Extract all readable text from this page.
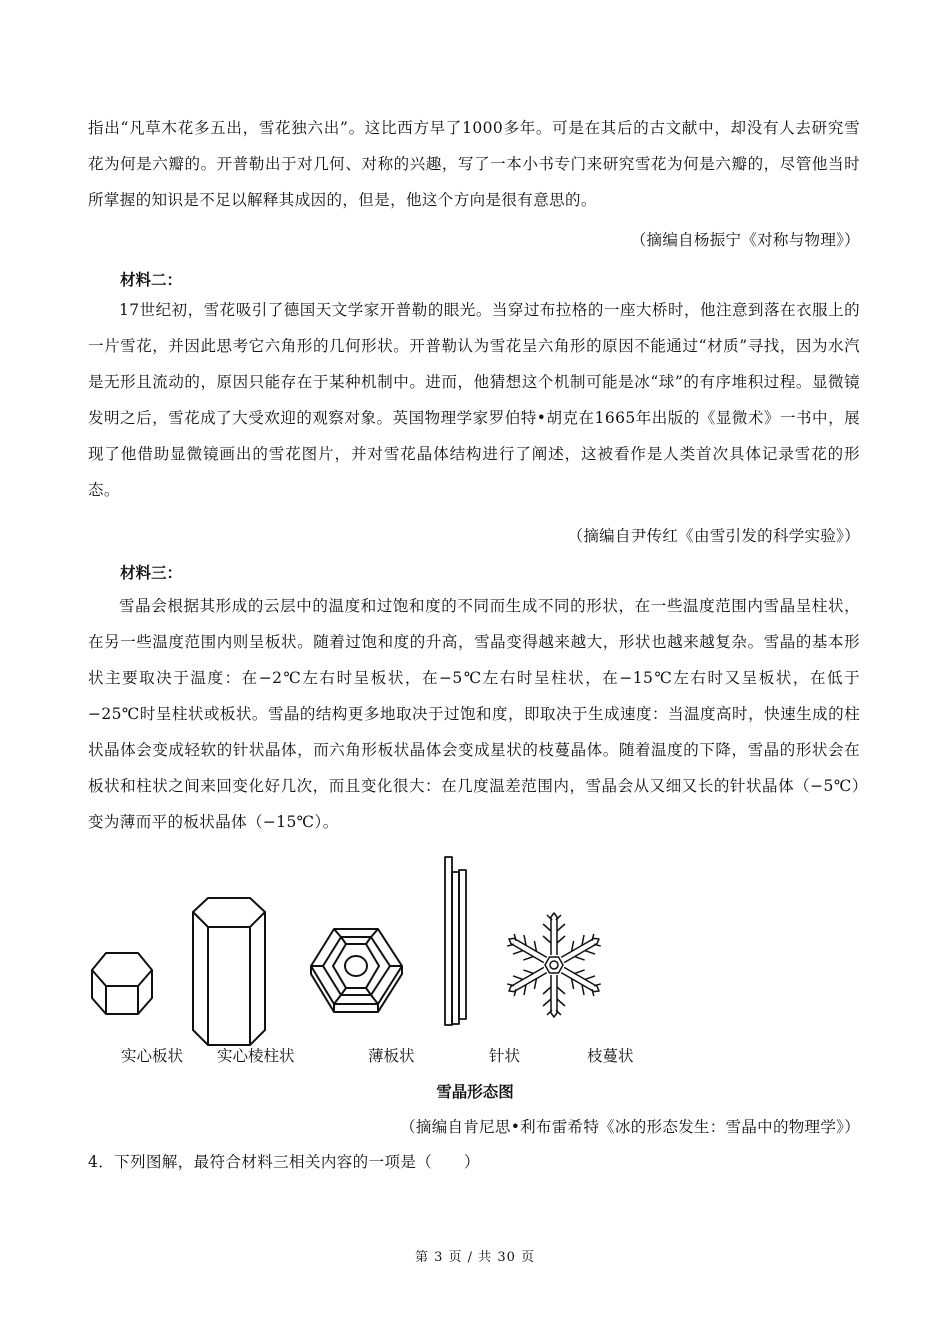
指出“凡草木花多五出，雪花独六出”。这比西方早了1000多年。可是在其后的古文献中，却没有人去研究雪花为何是六瓣的。开普勒出于对几何、对称的兴趣，写了一本小书专门来研究雪花为何是六瓣的，尽管他当时所掌握的知识是不足以解释其成因的，但是，他这个方向是很有意思的。
（摘编自杨振宁《对称与物理》）
材料二：
17世纪初，雪花吸引了德国天文学家开普勒的眼光。当穿过布拉格的一座大桥时，他注意到落在衣服上的一片雪花，并因此思考它六角形的几何形状。开普勒认为雪花呈六角形的原因不能通过“材质”寻找，因为水汽是无形且流动的，原因只能存在于某种机制中。进而，他猜想这个机制可能是冰“球”的有序堆积过程。显微镜发明之后，雪花成了大受欢迎的观察对象。英国物理学家罗伯特•胡克在1665年出版的《显微术》一书中，展现了他借助显微镜画出的雪花图片，并对雪花晶体结构进行了阐述，这被看作是人类首次具体记录雪花的形态。
（摘编自尹传红《由雪引发的科学实验》）
材料三：
雪晶会根据其形成的云层中的温度和过饱和度的不同而生成不同的形状，在一些温度范围内雪晶呈柱状，在另一些温度范围内则呈板状。随着过饱和度的升高，雪晶变得越来越大，形状也越来越复杂。雪晶的基本形状主要取决于温度：在−2℃左右时呈板状，在−5℃左右时呈柱状，在−15℃左右时又呈板状，在低于−25℃时呈柱状或板状。雪晶的结构更多地取决于过饱和度，即取决于生成速度：当温度高时，快速生成的柱状晶体会变成轻软的针状晶体，而六角形板状晶体会变成星状的枝蔓晶体。随着温度的下降，雪晶的形状会在板状和柱状之间来回变化好几次，而且变化很大：在几度温差范围内，雪晶会从又细又长的针状晶体（−5℃）变为薄而平的板状晶体（−15℃）。
实心板状 实心棱柱状	薄板状	针状	枝蔓状
雪晶形态图
（摘编自肯尼思•利布雷希特《冰的形态发生：雪晶中的物理学》）
4．下列图解，最符合材料三相关内容的一项是（　　）
第 3 页 / 共 30 页
